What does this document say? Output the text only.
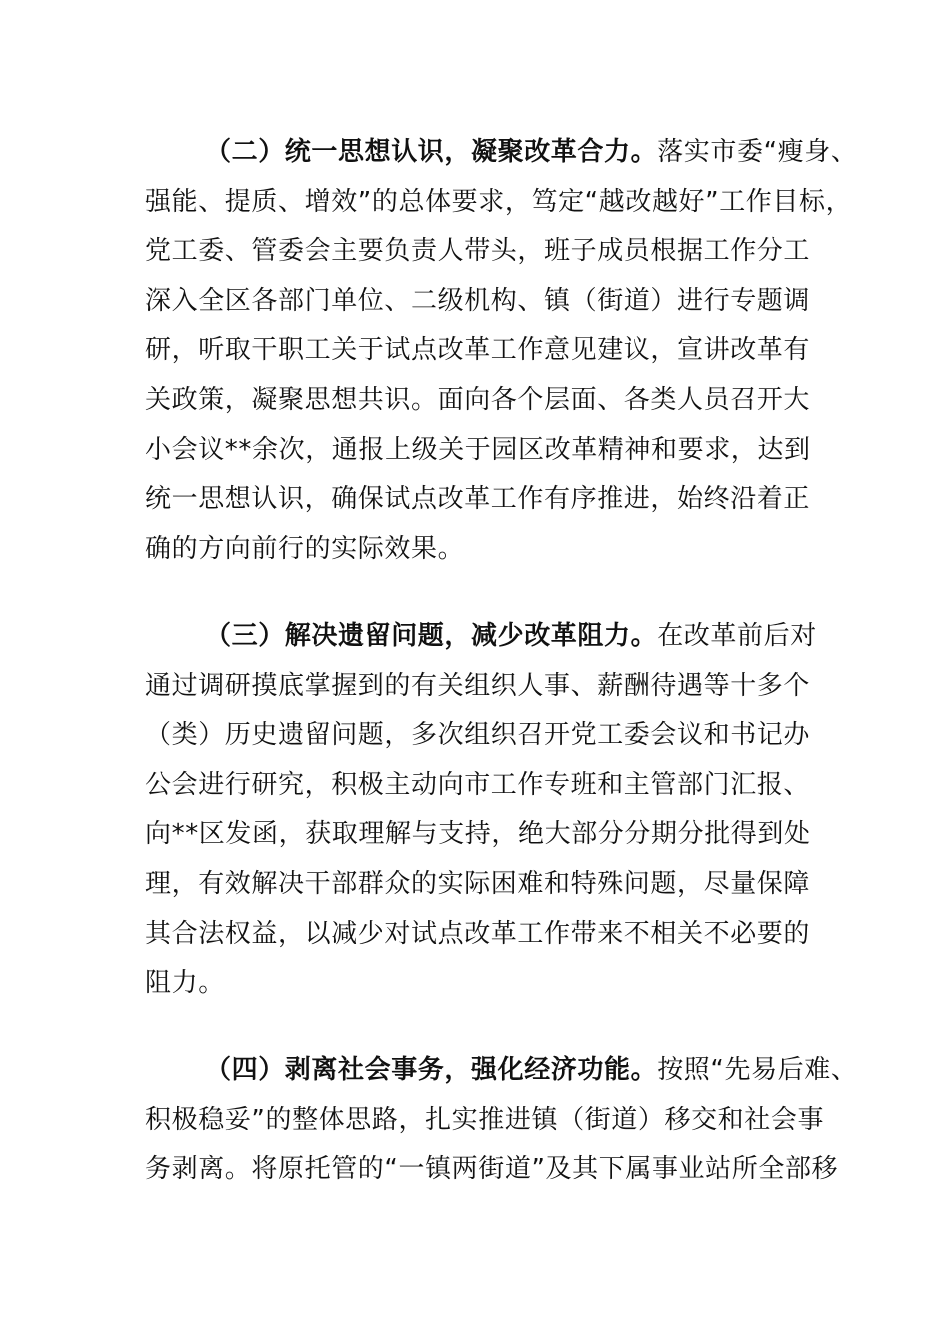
（二）统一思想认识，凝聚改革合力。落实市委“瘦身、
强能、提质、增效”的总体要求，笃定“越改越好”工作目标，
党工委、管委会主要负责人带头，班子成员根据工作分工
深入全区各部门单位、二级机构、镇（街道）进行专题调
研，听取干职工关于试点改革工作意见建议，宣讲改革有
关政策，凝聚思想共识。面向各个层面、各类人员召开大
小会议**余次，通报上级关于园区改革精神和要求，达到
统一思想认识，确保试点改革工作有序推进，始终沿着正
确的方向前行的实际效果。
（三）解决遗留问题，减少改革阻力。在改革前后对
通过调研摸底掌握到的有关组织人事、薪酬待遇等十多个
（类）历史遗留问题，多次组织召开党工委会议和书记办
公会进行研究，积极主动向市工作专班和主管部门汇报、
向**区发函，获取理解与支持，绝大部分分期分批得到处
理，有效解决干部群众的实际困难和特殊问题，尽量保障
其合法权益，以减少对试点改革工作带来不相关不必要的
阻力。
（四）剥离社会事务，强化经济功能。按照“先易后难、
积极稳妥”的整体思路，扎实推进镇（街道）移交和社会事
务剥离。将原托管的“一镇两街道”及其下属事业站所全部移
